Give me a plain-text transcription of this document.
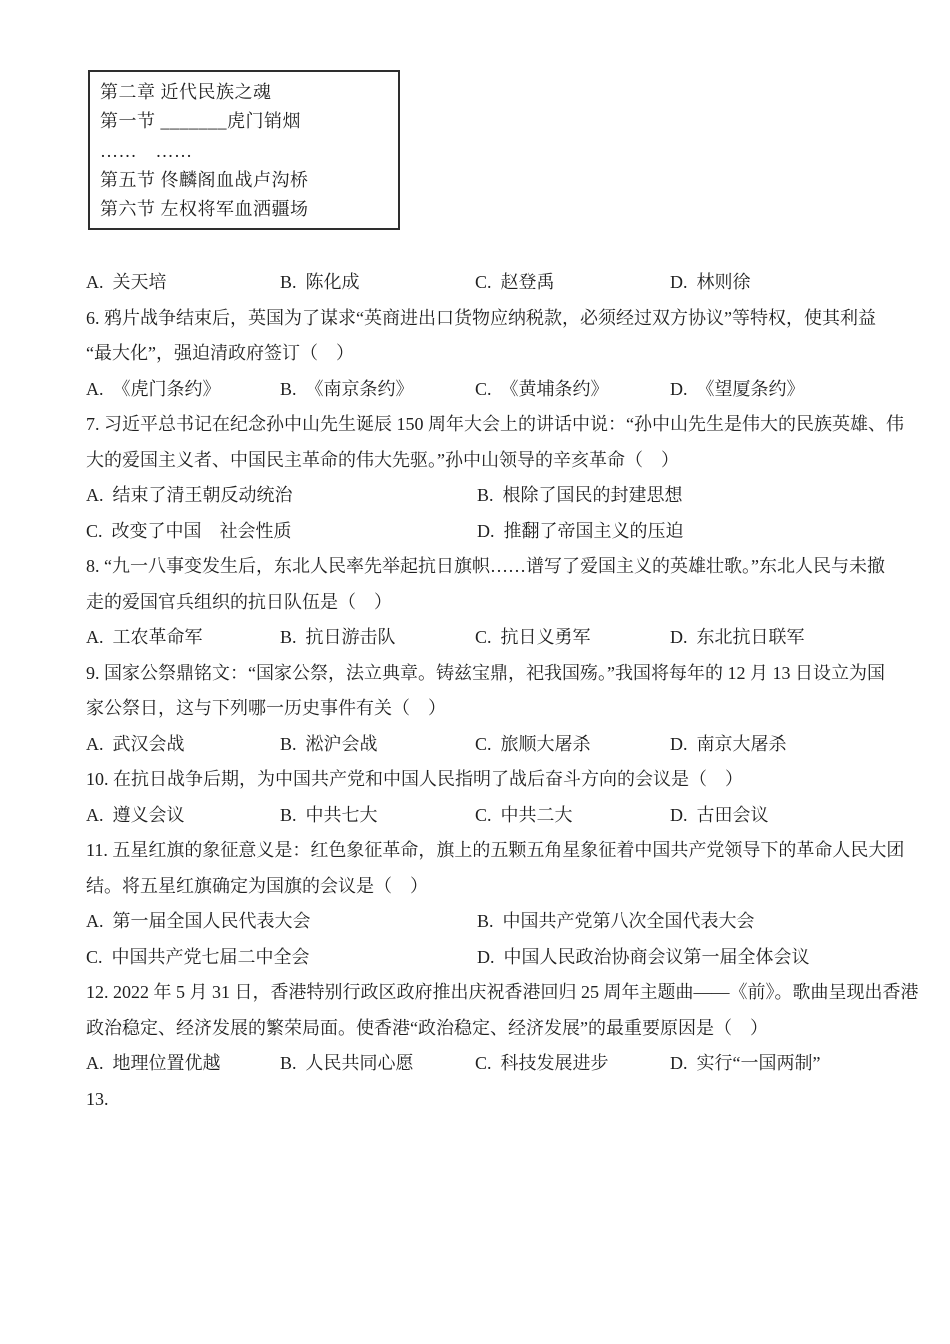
第二章 近代民族之魂
第一节 _______虎门销烟
……　……
第五节 佟麟阁血战卢沟桥
第六节 左权将军血洒疆场
A. 关天培	B. 陈化成	C. 赵登禹	D. 林则徐
6. 鸦片战争结束后，英国为了谋求“英商进出口货物应纳税款，必须经过双方协议”等特权，使其利益
“最大化”，强迫清政府签订（　）
A. 《虎门条约》	B. 《南京条约》	C. 《黄埔条约》	D. 《望厦条约》
7. 习近平总书记在纪念孙中山先生诞辰 150 周年大会上的讲话中说：“孙中山先生是伟大的民族英雄、伟
大的爱国主义者、中国民主革命的伟大先驱。”孙中山领导的辛亥革命（　）
A. 结束了清王朝反动统治	B. 根除了国民的封建思想
C. 改变了中国　社会性质	D. 推翻了帝国主义的压迫
8. “九一八事变发生后，东北人民率先举起抗日旗帜……谱写了爱国主义的英雄壮歌。”东北人民与未撤
走的爱国官兵组织的抗日队伍是（　）
A. 工农革命军	B. 抗日游击队	C. 抗日义勇军	D. 东北抗日联军
9. 国家公祭鼎铭文：“国家公祭，法立典章。铸兹宝鼎，祀我国殇。”我国将每年的 12 月 13 日设立为国
家公祭日，这与下列哪一历史事件有关（　）
A. 武汉会战	B. 淞沪会战	C. 旅顺大屠杀	D. 南京大屠杀
10. 在抗日战争后期，为中国共产党和中国人民指明了战后奋斗方向的会议是（　）
A. 遵义会议	B. 中共七大	C. 中共二大	D. 古田会议
11. 五星红旗的象征意义是：红色象征革命，旗上的五颗五角星象征着中国共产党领导下的革命人民大团
结。将五星红旗确定为国旗的会议是（　）
A. 第一届全国人民代表大会	B. 中国共产党第八次全国代表大会
C. 中国共产党七届二中全会	D. 中国人民政治协商会议第一届全体会议
12. 2022 年 5 月 31 日，香港特别行政区政府推出庆祝香港回归 25 周年主题曲——《前》。歌曲呈现出香港
政治稳定、经济发展的繁荣局面。使香港“政治稳定、经济发展”的最重要原因是（　）
A. 地理位置优越	B. 人民共同心愿	C. 科技发展进步	D. 实行“一国两制”
13.
